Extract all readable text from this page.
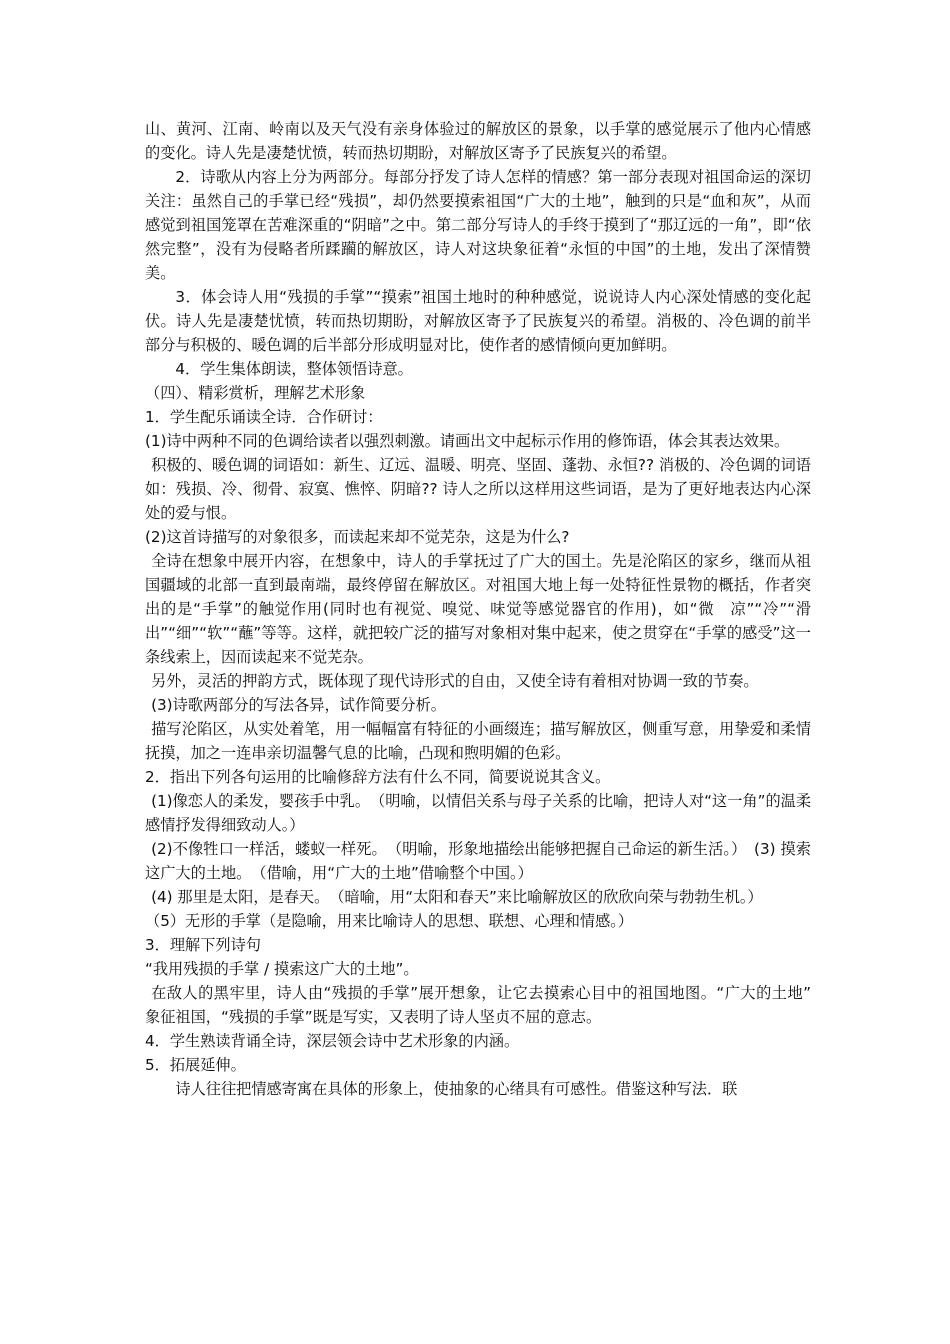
山、黄河、江南、岭南以及天气没有亲身体验过的解放区的景象，以手掌的感觉展示了他内心情感的变化。诗人先是凄楚忧愤，转而热切期盼，对解放区寄予了民族复兴的希望。

2．诗歌从内容上分为两部分。每部分抒发了诗人怎样的情感？第一部分表现对祖国命运的深切关注：虽然自己的手掌已经“残损”，却仍然要摸索祖国“广大的土地”，触到的只是“血和灰”，从而感觉到祖国笼罩在苦难深重的“阴暗”之中。第二部分写诗人的手终于摸到了“那辽远的一角”，即“依然完整”，没有为侵略者所蹂躏的解放区，诗人对这块象征着“永恒的中国”的土地，发出了深情赞美。

3．体会诗人用“残损的手掌”“摸索”祖国土地时的种种感觉，说说诗人内心深处情感的变化起伏。诗人先是凄楚忧愤，转而热切期盼，对解放区寄予了民族复兴的希望。消极的、冷色调的前半部分与积极的、暖色调的后半部分形成明显对比，使作者的感情倾向更加鲜明。

4．学生集体朗读，整体领悟诗意。

（四）、精彩赏析，理解艺术形象

1．学生配乐诵读全诗．合作研讨：

(1)诗中两种不同的色调给读者以强烈刺激。请画出文中起标示作用的修饰语，体会其表达效果。

积极的、暖色调的词语如：新生、辽远、温暖、明亮、坚固、蓬勃、永恒?? 消极的、冷色调的词语如：残损、冷、彻骨、寂寞、憔悴、阴暗?? 诗人之所以这样用这些词语，是为了更好地表达内心深处的爱与恨。

(2)这首诗描写的对象很多，而读起来却不觉芜杂，这是为什么?

全诗在想象中展开内容，在想象中，诗人的手掌抚过了广大的国土。先是沦陷区的家乡，继而从祖国疆域的北部一直到最南端，最终停留在解放区。对祖国大地上每一处特征性景物的概括，作者突出的是“手掌”的触觉作用(同时也有视觉、嗅觉、味觉等感觉器官的作用)，如“微　凉”“冷”“滑出”“细”“软”“蘸”等等。这样，就把较广泛的描写对象相对集中起来，使之贯穿在“手掌的感受”这一条线索上，因而读起来不觉芜杂。

另外，灵活的押韵方式，既体现了现代诗形式的自由，又使全诗有着相对协调一致的节奏。

(3)诗歌两部分的写法各异，试作简要分析。

描写沦陷区，从实处着笔，用一幅幅富有特征的小画缀连；描写解放区，侧重写意，用挚爱和柔情抚摸，加之一连串亲切温馨气息的比喻，凸现和煦明媚的色彩。

2．指出下列各句运用的比喻修辞方法有什么不同，简要说说其含义。

(1)像恋人的柔发，婴孩手中乳。　（明喻，以情侣关系与母子关系的比喻，把诗人对“这一角”的温柔感情抒发得细致动人。）

(2)不像牲口一样活，蝼蚁一样死。　（明喻，形象地描绘出能够把握自己命运的新生活。）　(3) 摸索这广大的土地。　（借喻，用“广大的土地”借喻整个中国。）

(4) 那里是太阳，是春天。　（暗喻，用“太阳和春天”来比喻解放区的欣欣向荣与勃勃生机。）

（5）无形的手掌（是隐喻，用来比喻诗人的思想、联想、心理和情感。）

3．理解下列诗句

“我用残损的手掌 / 摸索这广大的土地”。

在敌人的黑牢里，诗人由“残损的手掌”展开想象，让它去摸索心目中的祖国地图。“广大的土地”　象征祖国，“残损的手掌”既是写实，又表明了诗人坚贞不屈的意志。

4．学生熟读背诵全诗，深层领会诗中艺术形象的内涵。

5．拓展延伸。

诗人往往把情感寄寓在具体的形象上，使抽象的心绪具有可感性。借鉴这种写法．联
